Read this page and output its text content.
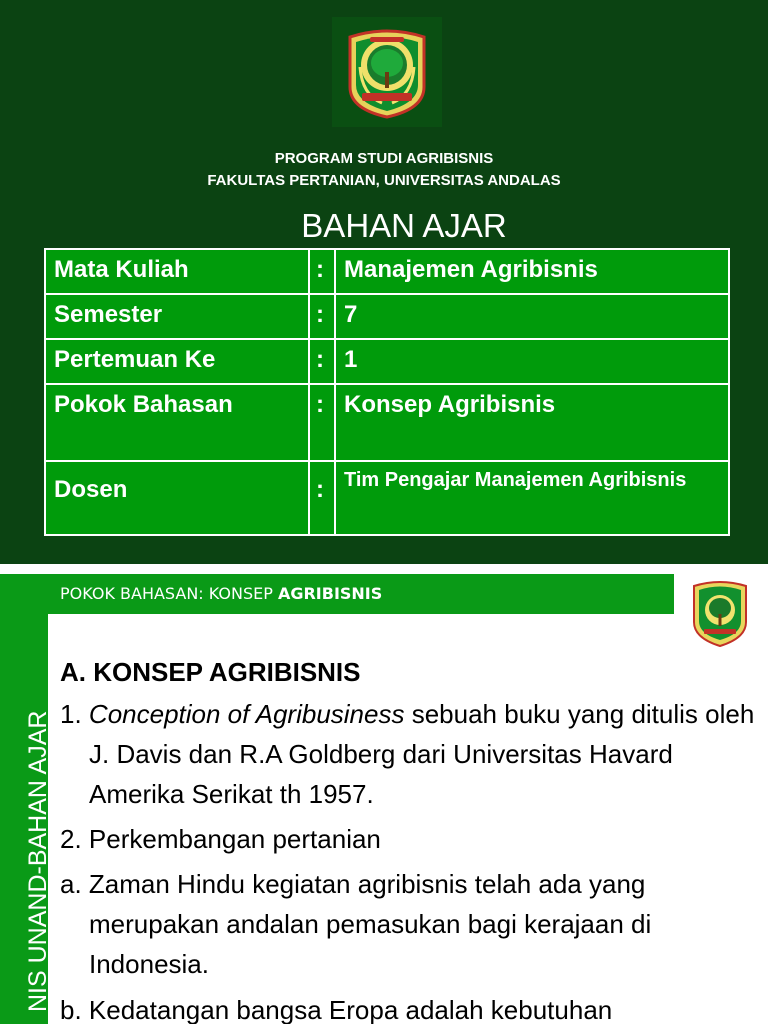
PROGRAM STUDI AGRIBISNIS
FAKULTAS PERTANIAN, UNIVERSITAS ANDALAS
BAHAN AJAR
Mata Kuliah	:	Manajemen Agribisnis
Semester	:	7
Pertemuan Ke	:	1
Pokok Bahasan	:	Konsep Agribisnis
Dosen	:	Tim Pengajar Manajemen Agribisnis
NIS UNAND-BAHAN AJAR
POKOK BAHASAN: KONSEP AGRIBISNIS
A. KONSEP AGRIBISNIS

1. Conception of Agribusiness sebuah buku yang ditulis oleh J. Davis dan R.A Goldberg dari Universitas Havard Amerika Serikat th 1957.

2. Perkembangan pertanian

a. Zaman Hindu kegiatan agribisnis telah ada yang merupakan andalan pemasukan bagi kerajaan di Indonesia.

b. Kedatangan bangsa Eropa adalah kebutuhan
